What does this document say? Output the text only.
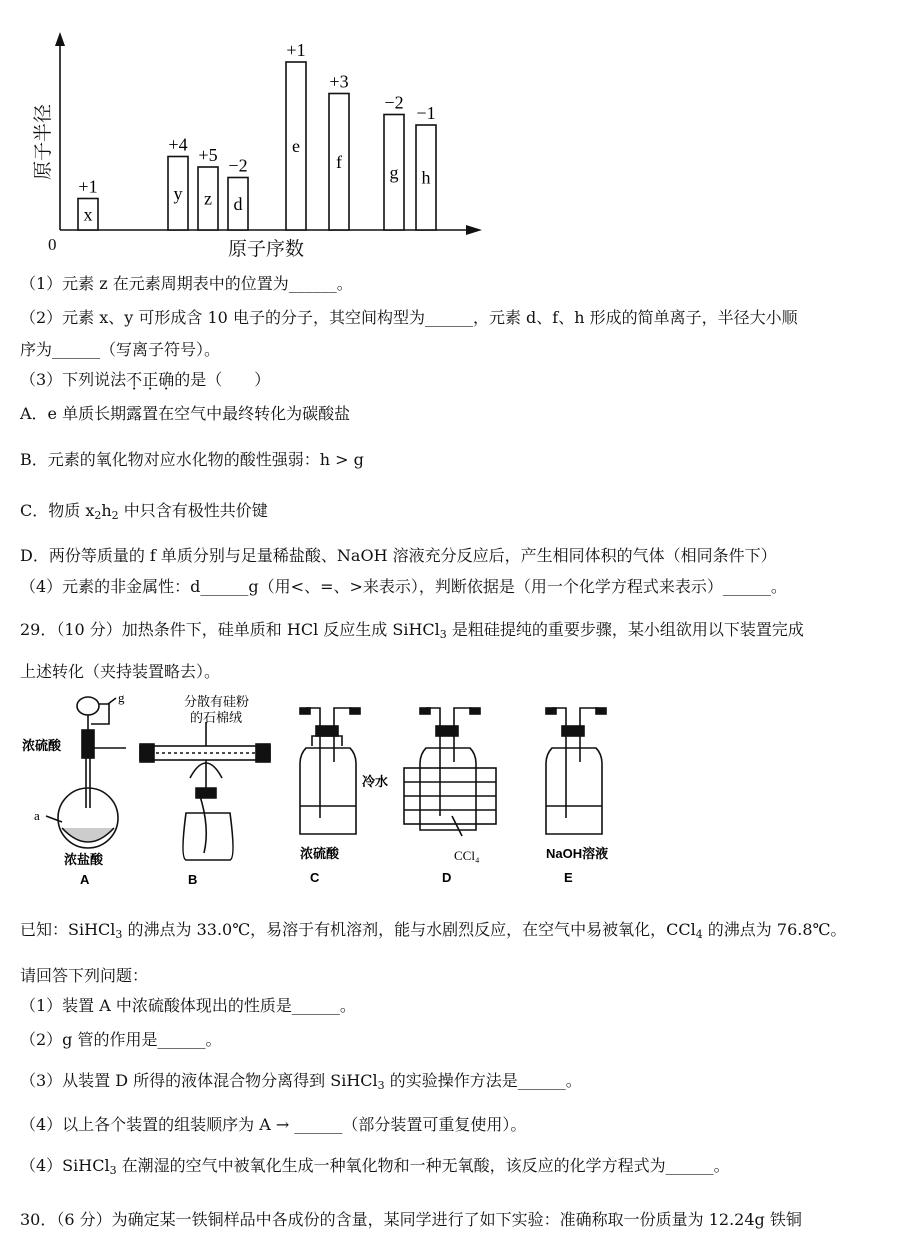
原子半径
原子序数
0
x
+1	y
+4
z
+5
d
−2
e
+1
f
+3
g
−2
h
−1
（1）元素 z 在元素周期表中的位置为______。
（2）元素 x、y 可形成含 10 电子的分子，其空间构型为______，元素 d、f、h 形成的简单离子，半径大小顺
序为______（写离子符号）。
（3）下列说法不正确的是（　　）
A．e 单质长期露置在空气中最终转化为碳酸盐
B．元素的氧化物对应水化物的酸性强弱：h > g
C．物质 $x_2h_2$ 中只含有极性共价键
D．两份等质量的 f 单质分别与足量稀盐酸、NaOH 溶液充分反应后，产生相同体积的气体（相同条件下）
（4）元素的非金属性：d______g（用<、=、>来表示），判断依据是（用一个化学方程式来表示）______。
29．（10 分）加热条件下，硅单质和 HCl 反应生成 SiHCl$_3$ 是粗硅提纯的重要步骤，某小组欲用以下装置完成
上述转化（夹持装置略去）。
g
a
浓硫酸
浓盐酸
分散有硅粉
的石棉绒
浓硫酸
冷水
CCl₄	NaOH溶液
A	B	C	D	E
已知：SiHCl$_3$ 的沸点为 33.0℃，易溶于有机溶剂，能与水剧烈反应，在空气中易被氧化，CCl$_4$ 的沸点为 76.8℃。
请回答下列问题：
（1）装置 A 中浓硫酸体现出的性质是______。
（2）g 管的作用是______。
（3）从装置 D 所得的液体混合物分离得到 SiHCl$_3$ 的实验操作方法是______。
（4）以上各个装置的组装顺序为 A → ______（部分装置可重复使用）。
（4）SiHCl$_3$ 在潮湿的空气中被氧化生成一种氧化物和一种无氧酸，该反应的化学方程式为______。
30．（6 分）为确定某一铁铜样品中各成份的含量，某同学进行了如下实验：准确称取一份质量为 12.24g 铁铜
